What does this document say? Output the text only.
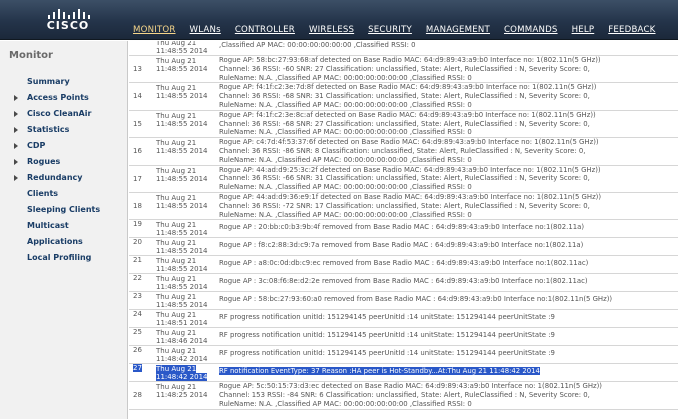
CISCO	MONITOR WLANs CONTROLLER WIRELESS SECURITY MANAGEMENT COMMANDS HELP FEEDBACK
Monitor
Summary
Access Points
Cisco CleanAir
Statistics
CDP
Rogues
Redundancy
Clients
Sleeping Clients
Multicast
Applications
Local Profiling
	Thu Aug 21
11:48:55 2014	,Classified AP MAC: 00:00:00:00:00:00 ,Classified RSSI: 0
13	Thu Aug 21
11:48:55 2014	Rogue AP: 58:bc:27:93:68:af detected on Base Radio MAC: 64:d9:89:43:a9:b0 Interface no: 1(802.11n(5 GHz))
Channel: 36 RSSI: -60 SNR: 27 Classification: unclassified, State: Alert, RuleClassified : N, Severity Score: 0,
RuleName: N.A. ,Classified AP MAC: 00:00:00:00:00:00 ,Classified RSSI: 0
14	Thu Aug 21
11:48:55 2014	Rogue AP: f4:1f:c2:3e:7d:8f detected on Base Radio MAC: 64:d9:89:43:a9:b0 Interface no: 1(802.11n(5 GHz))
Channel: 36 RSSI: -68 SNR: 31 Classification: unclassified, State: Alert, RuleClassified : N, Severity Score: 0,
RuleName: N.A. ,Classified AP MAC: 00:00:00:00:00:00 ,Classified RSSI: 0
15	Thu Aug 21
11:48:55 2014	Rogue AP: f4:1f:c2:3e:8c:af detected on Base Radio MAC: 64:d9:89:43:a9:b0 Interface no: 1(802.11n(5 GHz))
Channel: 36 RSSI: -68 SNR: 27 Classification: unclassified, State: Alert, RuleClassified : N, Severity Score: 0,
RuleName: N.A. ,Classified AP MAC: 00:00:00:00:00:00 ,Classified RSSI: 0
16	Thu Aug 21
11:48:55 2014	Rogue AP: c4:7d:4f:53:37:6f detected on Base Radio MAC: 64:d9:89:43:a9:b0 Interface no: 1(802.11n(5 GHz))
Channel: 36 RSSI: -86 SNR: 8 Classification: unclassified, State: Alert, RuleClassified : N, Severity Score: 0,
RuleName: N.A. ,Classified AP MAC: 00:00:00:00:00:00 ,Classified RSSI: 0
17	Thu Aug 21
11:48:55 2014	Rogue AP: 44:ad:d9:25:3c:2f detected on Base Radio MAC: 64:d9:89:43:a9:b0 Interface no: 1(802.11n(5 GHz))
Channel: 36 RSSI: -66 SNR: 31 Classification: unclassified, State: Alert, RuleClassified : N, Severity Score: 0,
RuleName: N.A. ,Classified AP MAC: 00:00:00:00:00:00 ,Classified RSSI: 0
18	Thu Aug 21
11:48:55 2014	Rogue AP: 44:ad:d9:36:e9:1f detected on Base Radio MAC: 64:d9:89:43:a9:b0 Interface no: 1(802.11n(5 GHz))
Channel: 36 RSSI: -72 SNR: 17 Classification: unclassified, State: Alert, RuleClassified : N, Severity Score: 0,
RuleName: N.A. ,Classified AP MAC: 00:00:00:00:00:00 ,Classified RSSI: 0
19	Thu Aug 21
11:48:55 2014	Rogue AP : 20:bb:c0:b3:9b:4f removed from Base Radio MAC : 64:d9:89:43:a9:b0 Interface no:1(802.11a)
20	Thu Aug 21
11:48:55 2014	Rogue AP : f8:c2:88:3d:c9:7a removed from Base Radio MAC : 64:d9:89:43:a9:b0 Interface no:1(802.11a)
21	Thu Aug 21
11:48:55 2014	Rogue AP : a8:0c:0d:db:c9:ec removed from Base Radio MAC : 64:d9:89:43:a9:b0 Interface no:1(802.11ac)
22	Thu Aug 21
11:48:55 2014	Rogue AP : 3c:08:f6:8e:d2:2e removed from Base Radio MAC : 64:d9:89:43:a9:b0 Interface no:1(802.11ac)
23	Thu Aug 21
11:48:55 2014	Rogue AP : 58:bc:27:93:60:a0 removed from Base Radio MAC : 64:d9:89:43:a9:b0 Interface no:1(802.11n(5 GHz))
24	Thu Aug 21
11:48:51 2014	RF progress notification unitId: 151294145 peerUnitId :14 unitState: 151294144 peerUnitState :9
25	Thu Aug 21
11:48:46 2014	RF progress notification unitId: 151294145 peerUnitId :14 unitState: 151294144 peerUnitState :9
26	Thu Aug 21
11:48:42 2014	RF progress notification unitId: 151294145 peerUnitId :14 unitState: 151294144 peerUnitState :9
27	Thu Aug 21
11:48:42 2014	RF notification EventType: 37 Reason :HA peer is Hot-Standby...At:Thu Aug 21 11:48:42 2014
28	Thu Aug 21
11:48:25 2014	Rogue AP: 5c:50:15:73:d3:ec detected on Base Radio MAC: 64:d9:89:43:a9:b0 Interface no: 1(802.11n(5 GHz))
Channel: 153 RSSI: -84 SNR: 6 Classification: unclassified, State: Alert, RuleClassified : N, Severity Score: 0,
RuleName: N.A. ,Classified AP MAC: 00:00:00:00:00:00 ,Classified RSSI: 0
